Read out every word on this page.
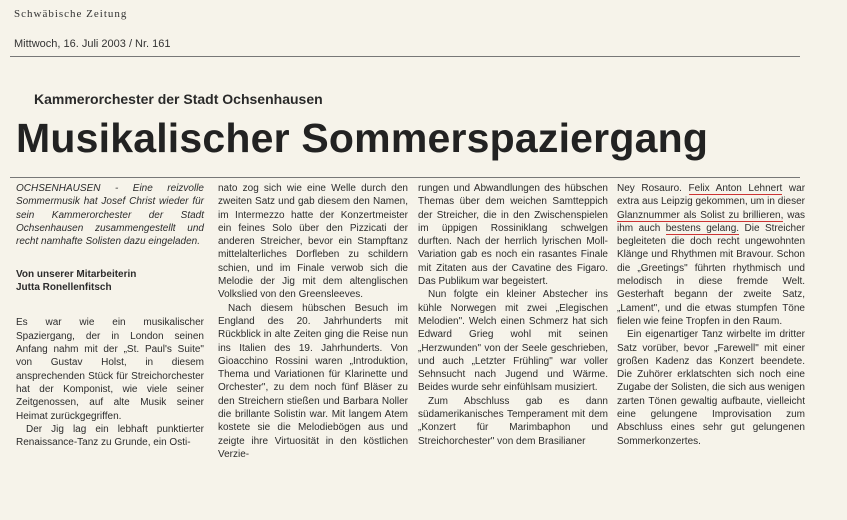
Schwäbische Zeitung
Mittwoch, 16. Juli 2003 / Nr. 161
Kammerorchester der Stadt Ochsenhausen
Musikalischer Sommerspaziergang

OCHSENHAUSEN - Eine reizvolle Sommermusik hat Josef Christ wieder für sein Kammerorchester der Stadt Ochsenhausen zusammengestellt und recht namhafte Solisten dazu eingeladen.

Von unserer Mitarbeiterin
Jutta Ronellenfitsch

Es war wie ein musikalischer Spaziergang, der in London seinen Anfang nahm mit der „St. Paul's Suite" von Gustav Holst, in diesem ansprechenden Stück für Streichorchester hat der Komponist, wie viele seiner Zeitgenossen, auf alte Musik seiner Heimat zurückgegriffen.

Der Jig lag ein lebhaft punktierter Renaissance-Tanz zu Grunde, ein Osti-

nato zog sich wie eine Welle durch den zweiten Satz und gab diesem den Namen, im Intermezzo hatte der Konzertmeister ein feines Solo über den Pizzicati der anderen Streicher, bevor ein Stampftanz mittelalterliches Dorfleben zu schildern schien, und im Finale verwob sich die Melodie der Jig mit dem altenglischen Volkslied von den Greensleeves.

Nach diesem hübschen Besuch im England des 20. Jahrhunderts mit Rückblick in alte Zeiten ging die Reise nun ins Italien des 19. Jahrhunderts. Von Gioacchino Rossini waren „Introduktion, Thema und Variationen für Klarinette und Orchester", zu dem noch fünf Bläser zu den Streichern stießen und Barbara Noller die brillante Solistin war. Mit langem Atem kostete sie die Melodiebögen aus und zeigte ihre Virtuosität in den köstlichen Verzie-

rungen und Abwandlungen des hübschen Themas über dem weichen Samtteppich der Streicher, die in den Zwischenspielen im üppigen Rossiniklang schwelgen durften. Nach der herrlich lyrischen Moll-Variation gab es noch ein rasantes Finale mit Zitaten aus der Cavatine des Figaro. Das Publikum war begeistert.

Nun folgte ein kleiner Abstecher ins kühle Norwegen mit zwei „Elegischen Melodien". Welch einen Schmerz hat sich Edward Grieg wohl mit seinen „Herzwunden" von der Seele geschrieben, und auch „Letzter Frühling" war voller Sehnsucht nach Jugend und Wärme. Beides wurde sehr einfühlsam musiziert.

Zum Abschluss gab es dann südamerikanisches Temperament mit dem „Konzert für Marimbaphon und Streichorchester" von dem Brasilianer

Ney Rosauro. Felix Anton Lehnert war extra aus Leipzig gekommen, um in dieser Glanznummer als Solist zu brillieren, was ihm auch bestens gelang. Die Streicher begleiteten die doch recht ungewohnten Klänge und Rhythmen mit Bravour. Schon die „Greetings" führten rhythmisch und melodisch in diese fremde Welt. Gesterhaft begann der zweite Satz, „Lament", und die etwas stumpfen Töne fielen wie feine Tropfen in den Raum.

Ein eigenartiger Tanz wirbelte im dritter Satz vorüber, bevor „Farewell" mit einer großen Kadenz das Konzert beendete. Die Zuhörer erklatschten sich noch eine Zugabe der Solisten, die sich aus wenigen zarten Tönen gewaltig aufbaute, vielleicht eine gelungene Improvisation zum Abschluss eines sehr gut gelungenen Sommerkonzertes.
